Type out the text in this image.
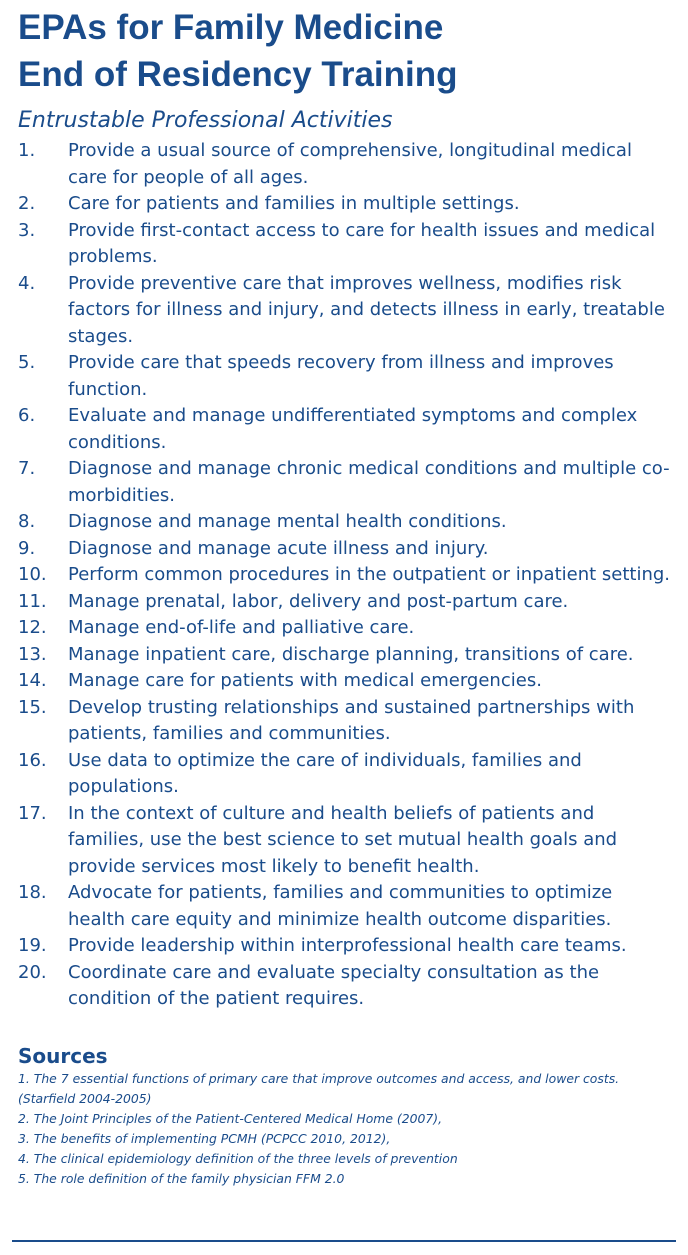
EPAs for Family Medicine
End of Residency Training
Entrustable Professional Activities
1.	Provide a usual source of comprehensive, longitudinal medical care for people of all ages.
2.	Care for patients and families in multiple settings.
3.	Provide first-contact access to care for health issues and medical problems.
4.	Provide preventive care that improves wellness, modifies risk factors for illness and injury, and detects illness in early, treatable stages.
5.	Provide care that speeds recovery from illness and improves function.
6.	Evaluate and manage undifferentiated symptoms and complex conditions.
7.	Diagnose and manage chronic medical conditions and multiple co-morbidities.
8.	Diagnose and manage mental health conditions.
9.	Diagnose and manage acute illness and injury.
10.	Perform common procedures in the outpatient or inpatient setting.
11.	Manage prenatal, labor, delivery and post-partum care.
12.	Manage end-of-life and palliative care.
13.	Manage inpatient care, discharge planning, transitions of care.
14.	Manage care for patients with medical emergencies.
15.	Develop trusting relationships and sustained partnerships with patients, families and communities.
16.	Use data to optimize the care of individuals, families and populations.
17.	In the context of culture and health beliefs of patients and families, use the best science to set mutual health goals and provide services most likely to benefit health.
18.	Advocate for patients, families and communities to optimize health care equity and minimize health outcome disparities.
19.	Provide leadership within interprofessional health care teams.
20.	Coordinate care and evaluate specialty consultation as the condition of the patient requires.
Sources
1. The 7 essential functions of primary care that improve outcomes and access, and lower costs. (Starfield 2004-2005)
2. The Joint Principles of the Patient-Centered Medical Home (2007),
3. The benefits of implementing PCMH (PCPCC 2010, 2012),
4. The clinical epidemiology definition of the three levels of prevention
5. The role definition of the family physician FFM 2.0
